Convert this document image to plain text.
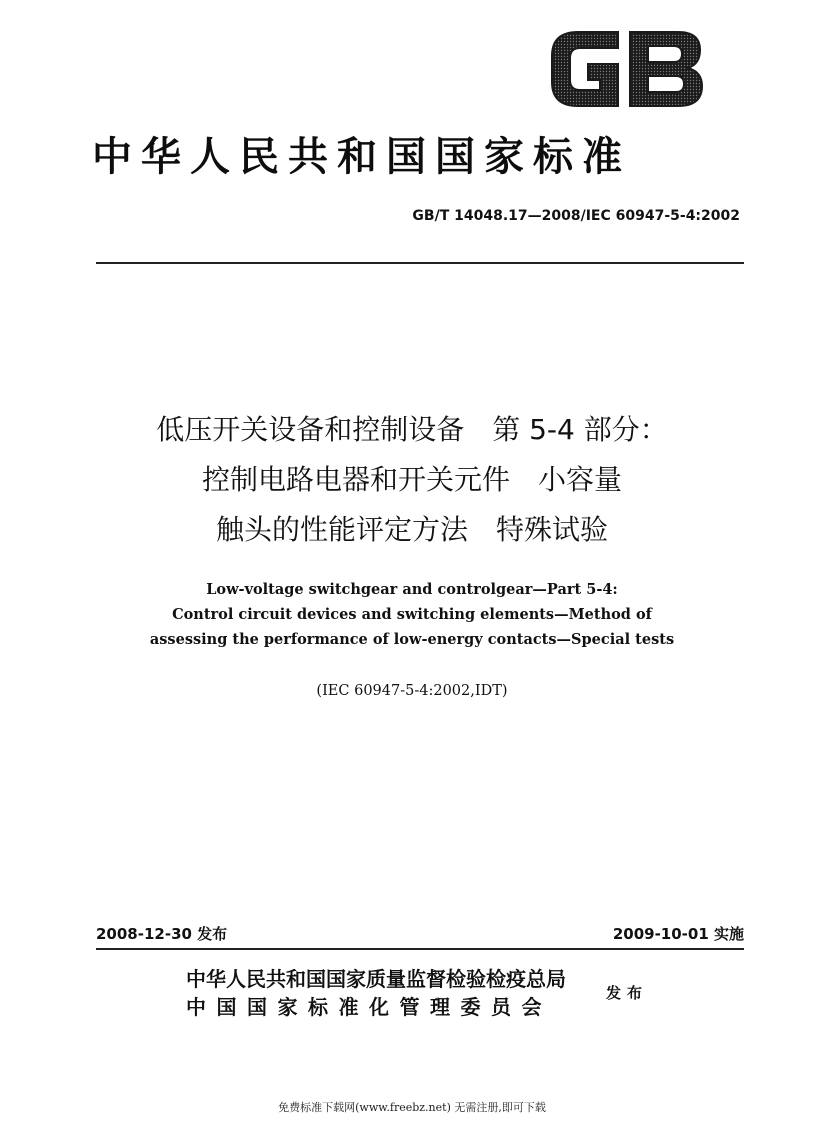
中华人民共和国国家标准
GB/T 14048.17—2008/IEC 60947-5-4:2002
低压开关设备和控制设备　第 5-4 部分：
控制电路电器和开关元件　小容量
触头的性能评定方法　特殊试验
Low-voltage switchgear and controlgear—Part 5-4:
Control circuit devices and switching elements—Method of
assessing the performance of low-energy contacts—Special tests
(IEC 60947-5-4:2002,IDT)
2008-12-30 发布	2009-10-01 实施
中华人民共和国国家质量监督检验检疫总局
中国国家标准化管理委员会
发布
免费标准下载网(www.freebz.net) 无需注册,即可下载
